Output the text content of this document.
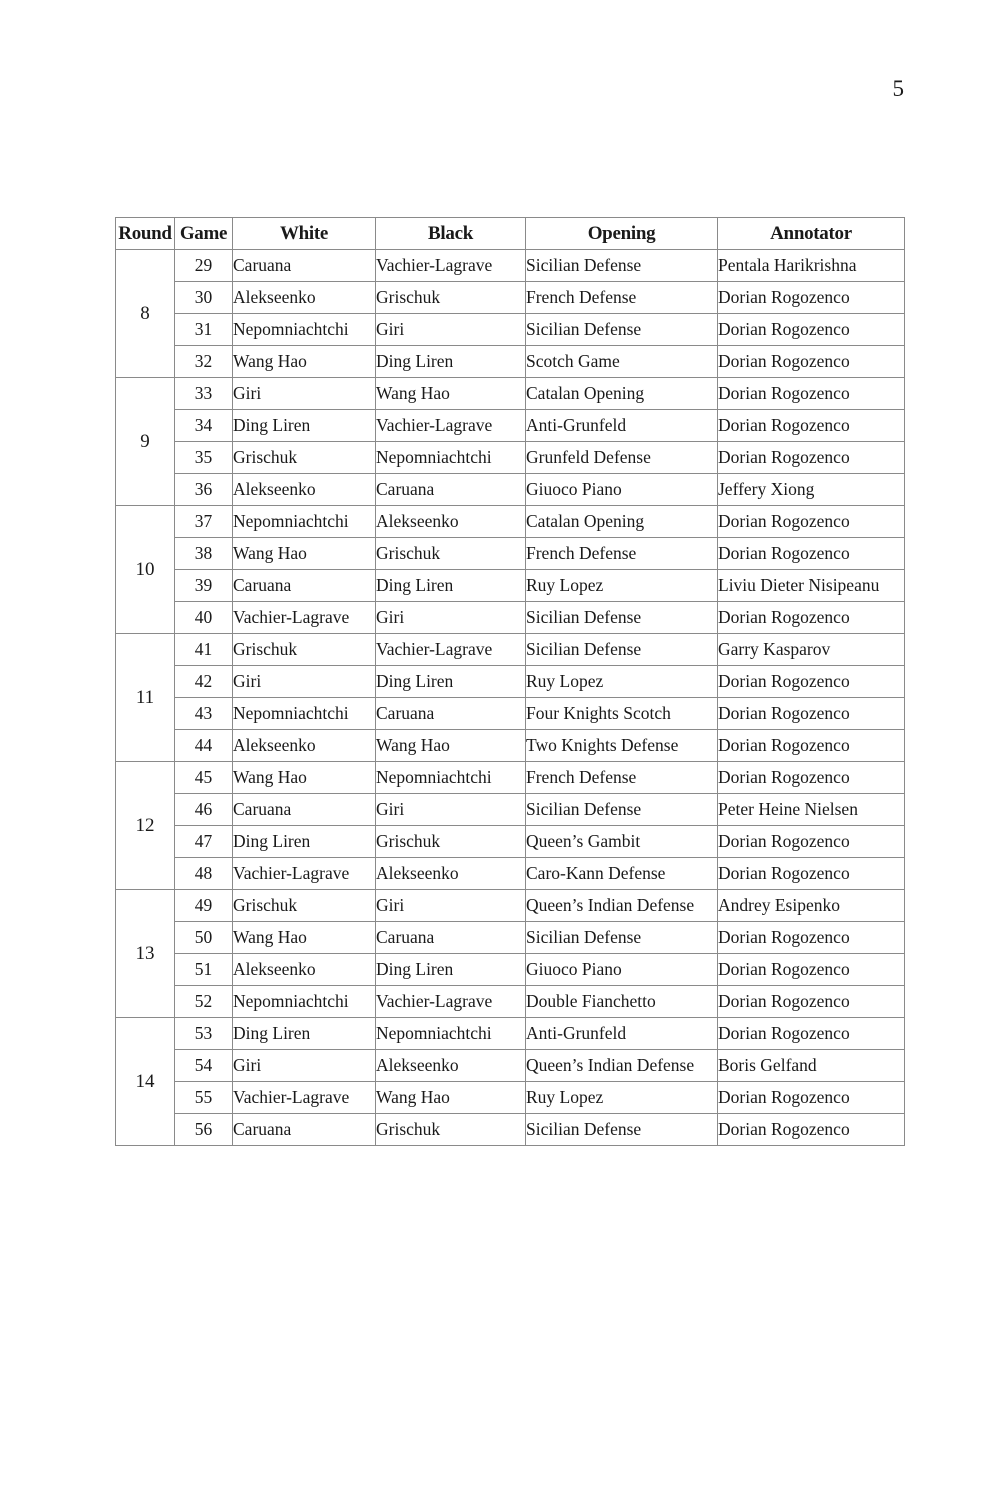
5
Round	Game	White	Black	Opening	Annotator
8	29	Caruana	Vachier-Lagrave	Sicilian Defense	Pentala Harikrishna
	30	Alekseenko	Grischuk	French Defense	Dorian Rogozenco
	31	Nepomniachtchi	Giri	Sicilian Defense	Dorian Rogozenco
	32	Wang Hao	Ding Liren	Scotch Game	Dorian Rogozenco
9	33	Giri	Wang Hao	Catalan Opening	Dorian Rogozenco
	34	Ding Liren	Vachier-Lagrave	Anti-Grunfeld	Dorian Rogozenco
	35	Grischuk	Nepomniachtchi	Grunfeld Defense	Dorian Rogozenco
	36	Alekseenko	Caruana	Giuoco Piano	Jeffery Xiong
10	37	Nepomniachtchi	Alekseenko	Catalan Opening	Dorian Rogozenco
	38	Wang Hao	Grischuk	French Defense	Dorian Rogozenco
	39	Caruana	Ding Liren	Ruy Lopez	Liviu Dieter Nisipeanu
	40	Vachier-Lagrave	Giri	Sicilian Defense	Dorian Rogozenco
11	41	Grischuk	Vachier-Lagrave	Sicilian Defense	Garry Kasparov
	42	Giri	Ding Liren	Ruy Lopez	Dorian Rogozenco
	43	Nepomniachtchi	Caruana	Four Knights Scotch	Dorian Rogozenco
	44	Alekseenko	Wang Hao	Two Knights Defense	Dorian Rogozenco
12	45	Wang Hao	Nepomniachtchi	French Defense	Dorian Rogozenco
	46	Caruana	Giri	Sicilian Defense	Peter Heine Nielsen
	47	Ding Liren	Grischuk	Queen’s Gambit	Dorian Rogozenco
	48	Vachier-Lagrave	Alekseenko	Caro-Kann Defense	Dorian Rogozenco
13	49	Grischuk	Giri	Queen’s Indian Defense	Andrey Esipenko
	50	Wang Hao	Caruana	Sicilian Defense	Dorian Rogozenco
	51	Alekseenko	Ding Liren	Giuoco Piano	Dorian Rogozenco
	52	Nepomniachtchi	Vachier-Lagrave	Double Fianchetto	Dorian Rogozenco
14	53	Ding Liren	Nepomniachtchi	Anti-Grunfeld	Dorian Rogozenco
	54	Giri	Alekseenko	Queen’s Indian Defense	Boris Gelfand
	55	Vachier-Lagrave	Wang Hao	Ruy Lopez	Dorian Rogozenco
	56	Caruana	Grischuk	Sicilian Defense	Dorian Rogozenco
